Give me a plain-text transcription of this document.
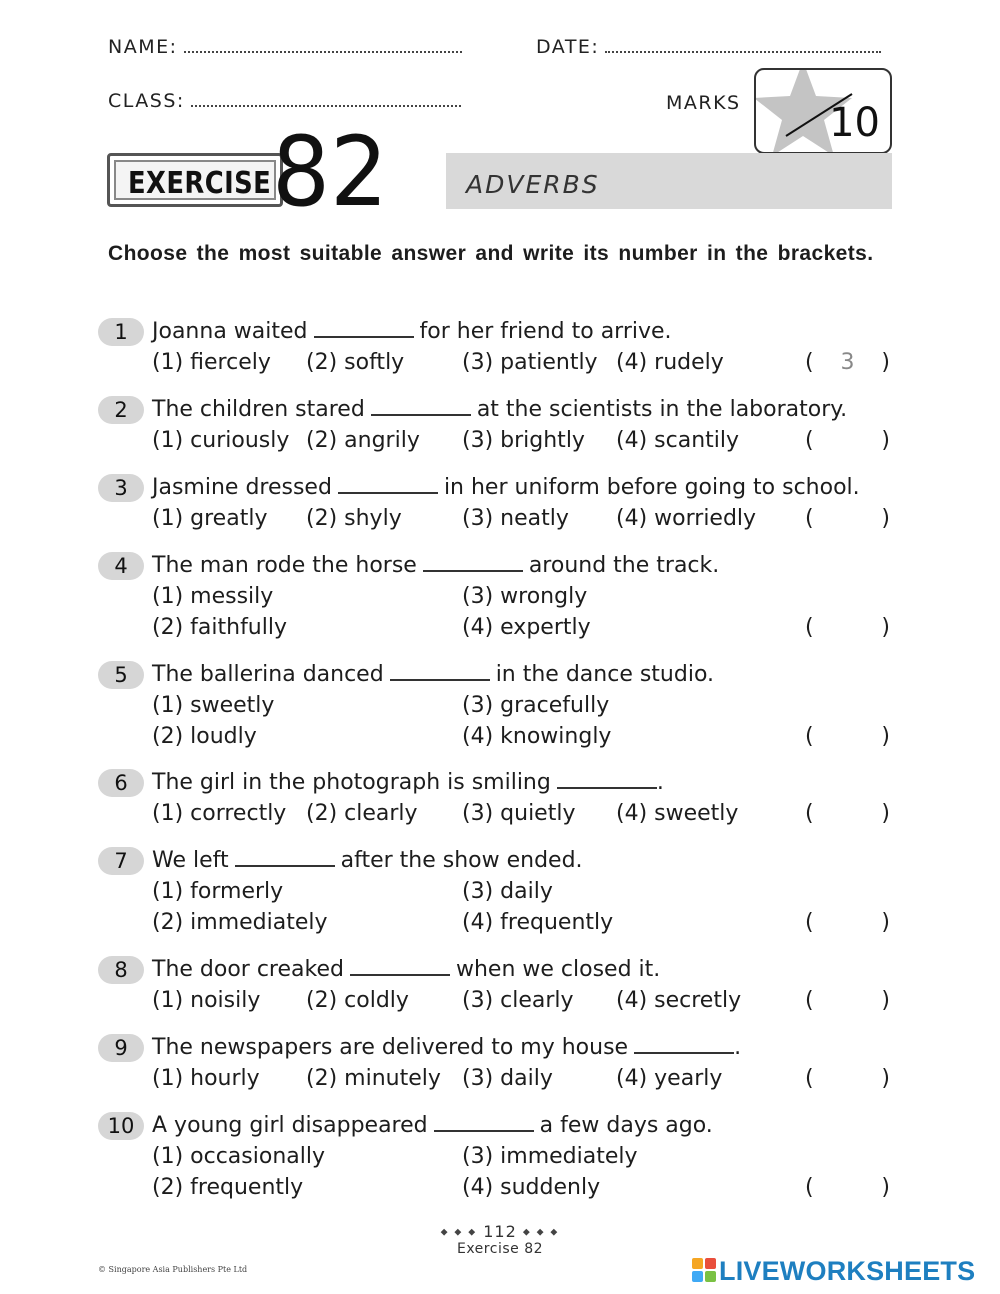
NAME:	DATE:
CLASS:	MARKS 10
EXERCISE 82	ADVERBS
Choose the most suitable answer and write its number in the brackets.
1	Joanna waited	for her friend to arrive.
(1) fiercely (2) softly	(3) patiently (4) rudely	(	3	)
2	The children stared	at the scientists in the laboratory.
(1) curiously (2) angrily (3) brightly (4) scantily	(	)
3	Jasmine dressed	in her uniform before going to school.
(1) greatly (2) shyly	(3) neatly (4) worriedly (	)
4	The man rode the horse	around the track.
(1) messily
(2) faithfully
(3) wrongly
(4) expertly	(	)
5	The ballerina danced	in the dance studio.
(1) sweetly
(2) loudly
(3) gracefully
(4) knowingly	(	)
6	The girl in the photograph is smiling	.
(1) correctly (2) clearly (3) quietly (4) sweetly	(	)
7	We left	after the show ended.
(1) formerly
(2) immediately
(3) daily
(4) frequently	(	)
8	The door creaked	when we closed it.
(1) noisily (2) coldly (3) clearly (4) secretly	(	)
9	The newspapers are delivered to my house	.
(1) hourly (2) minutely (3) daily	(4) yearly	(	)
10 A young girl disappeared	a few days ago.
(1) occasionally
(2) frequently
(3) immediately
(4) suddenly	(	)
◆ ◆ ◆ 112 ◆ ◆ ◆
Exercise 82
© Singapore Asia Publishers Pte Ltd	LIVEWORKSHEETS
